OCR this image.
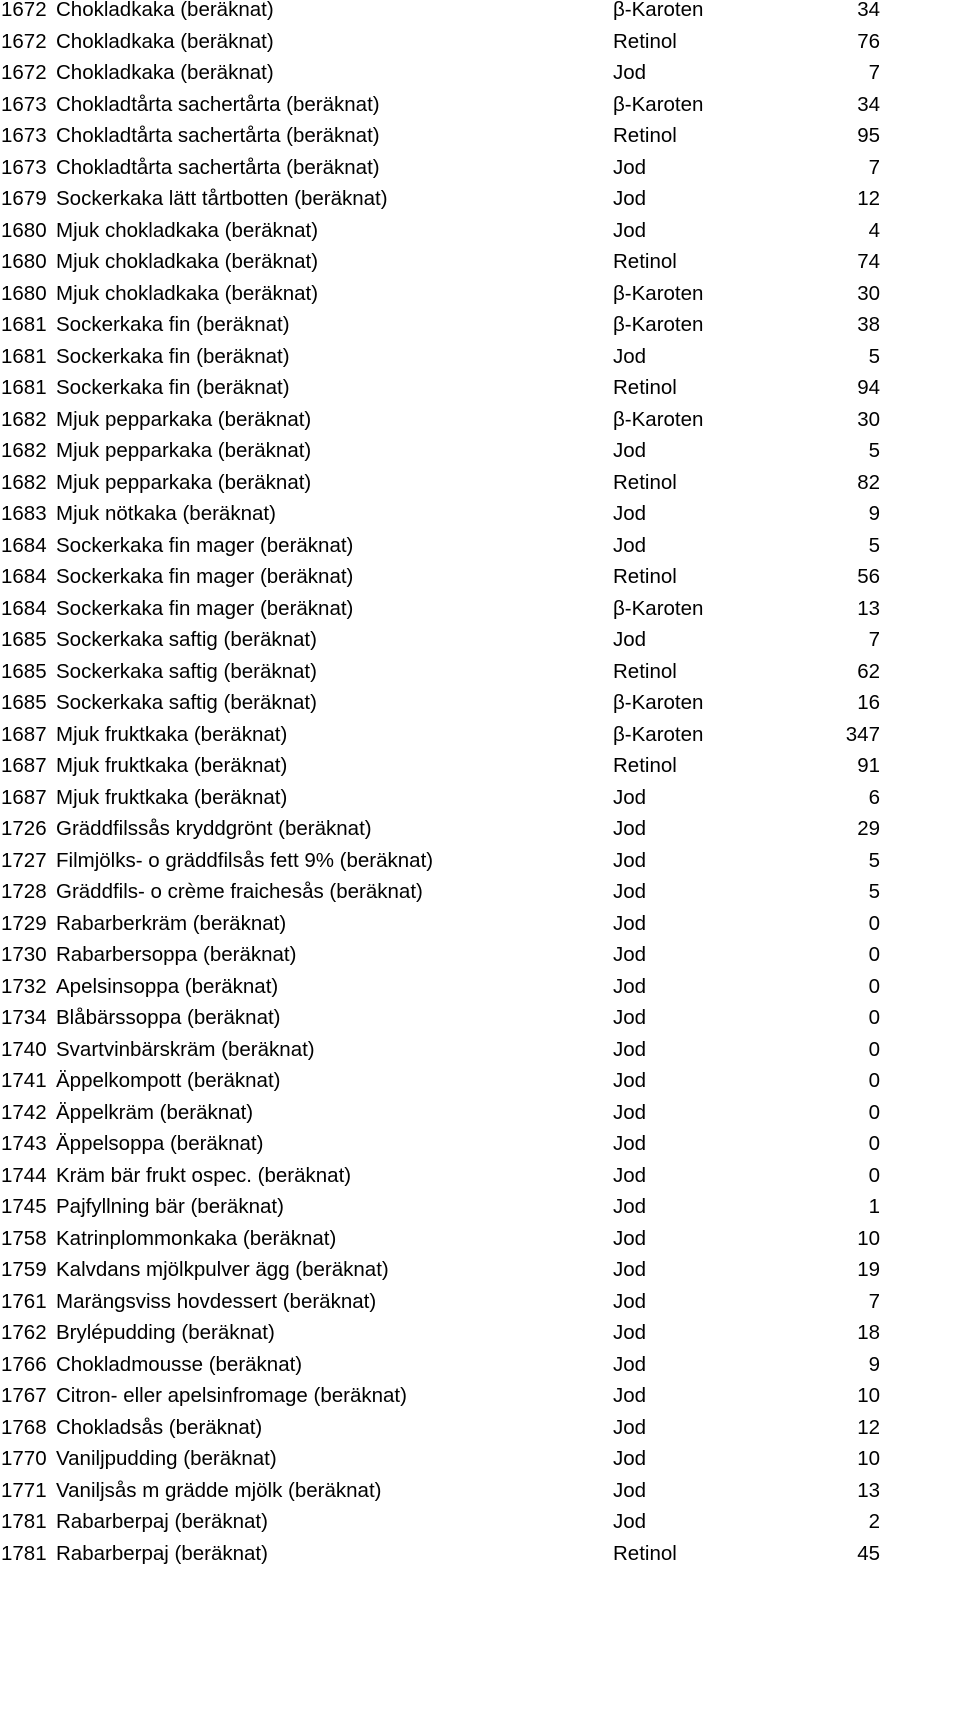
1672 Chokladkaka (beräknat)	β-Karoten	34
1672 Chokladkaka (beräknat)	Retinol	76
1672 Chokladkaka (beräknat)	Jod	7
1673 Chokladtårta sachertårta (beräknat)	β-Karoten	34
1673 Chokladtårta sachertårta (beräknat)	Retinol	95
1673 Chokladtårta sachertårta (beräknat)	Jod	7
1679 Sockerkaka lätt tårtbotten (beräknat)	Jod	12
1680 Mjuk chokladkaka (beräknat)	Jod	4
1680 Mjuk chokladkaka (beräknat)	Retinol	74
1680 Mjuk chokladkaka (beräknat)	β-Karoten	30
1681 Sockerkaka fin (beräknat)	β-Karoten	38
1681 Sockerkaka fin (beräknat)	Jod	5
1681 Sockerkaka fin (beräknat)	Retinol	94
1682 Mjuk pepparkaka (beräknat)	β-Karoten	30
1682 Mjuk pepparkaka (beräknat)	Jod	5
1682 Mjuk pepparkaka (beräknat)	Retinol	82
1683 Mjuk nötkaka (beräknat)	Jod	9
1684 Sockerkaka fin mager (beräknat)	Jod	5
1684 Sockerkaka fin mager (beräknat)	Retinol	56
1684 Sockerkaka fin mager (beräknat)	β-Karoten	13
1685 Sockerkaka saftig (beräknat)	Jod	7
1685 Sockerkaka saftig (beräknat)	Retinol	62
1685 Sockerkaka saftig (beräknat)	β-Karoten	16
1687 Mjuk fruktkaka (beräknat)	β-Karoten	347
1687 Mjuk fruktkaka (beräknat)	Retinol	91
1687 Mjuk fruktkaka (beräknat)	Jod	6
1726 Gräddfilssås kryddgrönt (beräknat)	Jod	29
1727 Filmjölks- o gräddfilsås fett 9% (beräknat)	Jod	5
1728 Gräddfils- o crème fraichesås (beräknat)	Jod	5
1729 Rabarberkräm (beräknat)	Jod	0
1730 Rabarbersoppa (beräknat)	Jod	0
1732 Apelsinsoppa (beräknat)	Jod	0
1734 Blåbärssoppa (beräknat)	Jod	0
1740 Svartvinbärskräm (beräknat)	Jod	0
1741 Äppelkompott (beräknat)	Jod	0
1742 Äppelkräm (beräknat)	Jod	0
1743 Äppelsoppa (beräknat)	Jod	0
1744 Kräm bär frukt ospec. (beräknat)	Jod	0
1745 Pajfyllning bär (beräknat)	Jod	1
1758 Katrinplommonkaka (beräknat)	Jod	10
1759 Kalvdans mjölkpulver ägg (beräknat)	Jod	19
1761 Marängsviss hovdessert (beräknat)	Jod	7
1762 Brylépudding (beräknat)	Jod	18
1766 Chokladmousse (beräknat)	Jod	9
1767 Citron- eller apelsinfromage (beräknat)	Jod	10
1768 Chokladsås (beräknat)	Jod	12
1770 Vaniljpudding (beräknat)	Jod	10
1771 Vaniljsås m grädde mjölk (beräknat)	Jod	13
1781 Rabarberpaj (beräknat)	Jod	2
1781 Rabarberpaj (beräknat)	Retinol	45
